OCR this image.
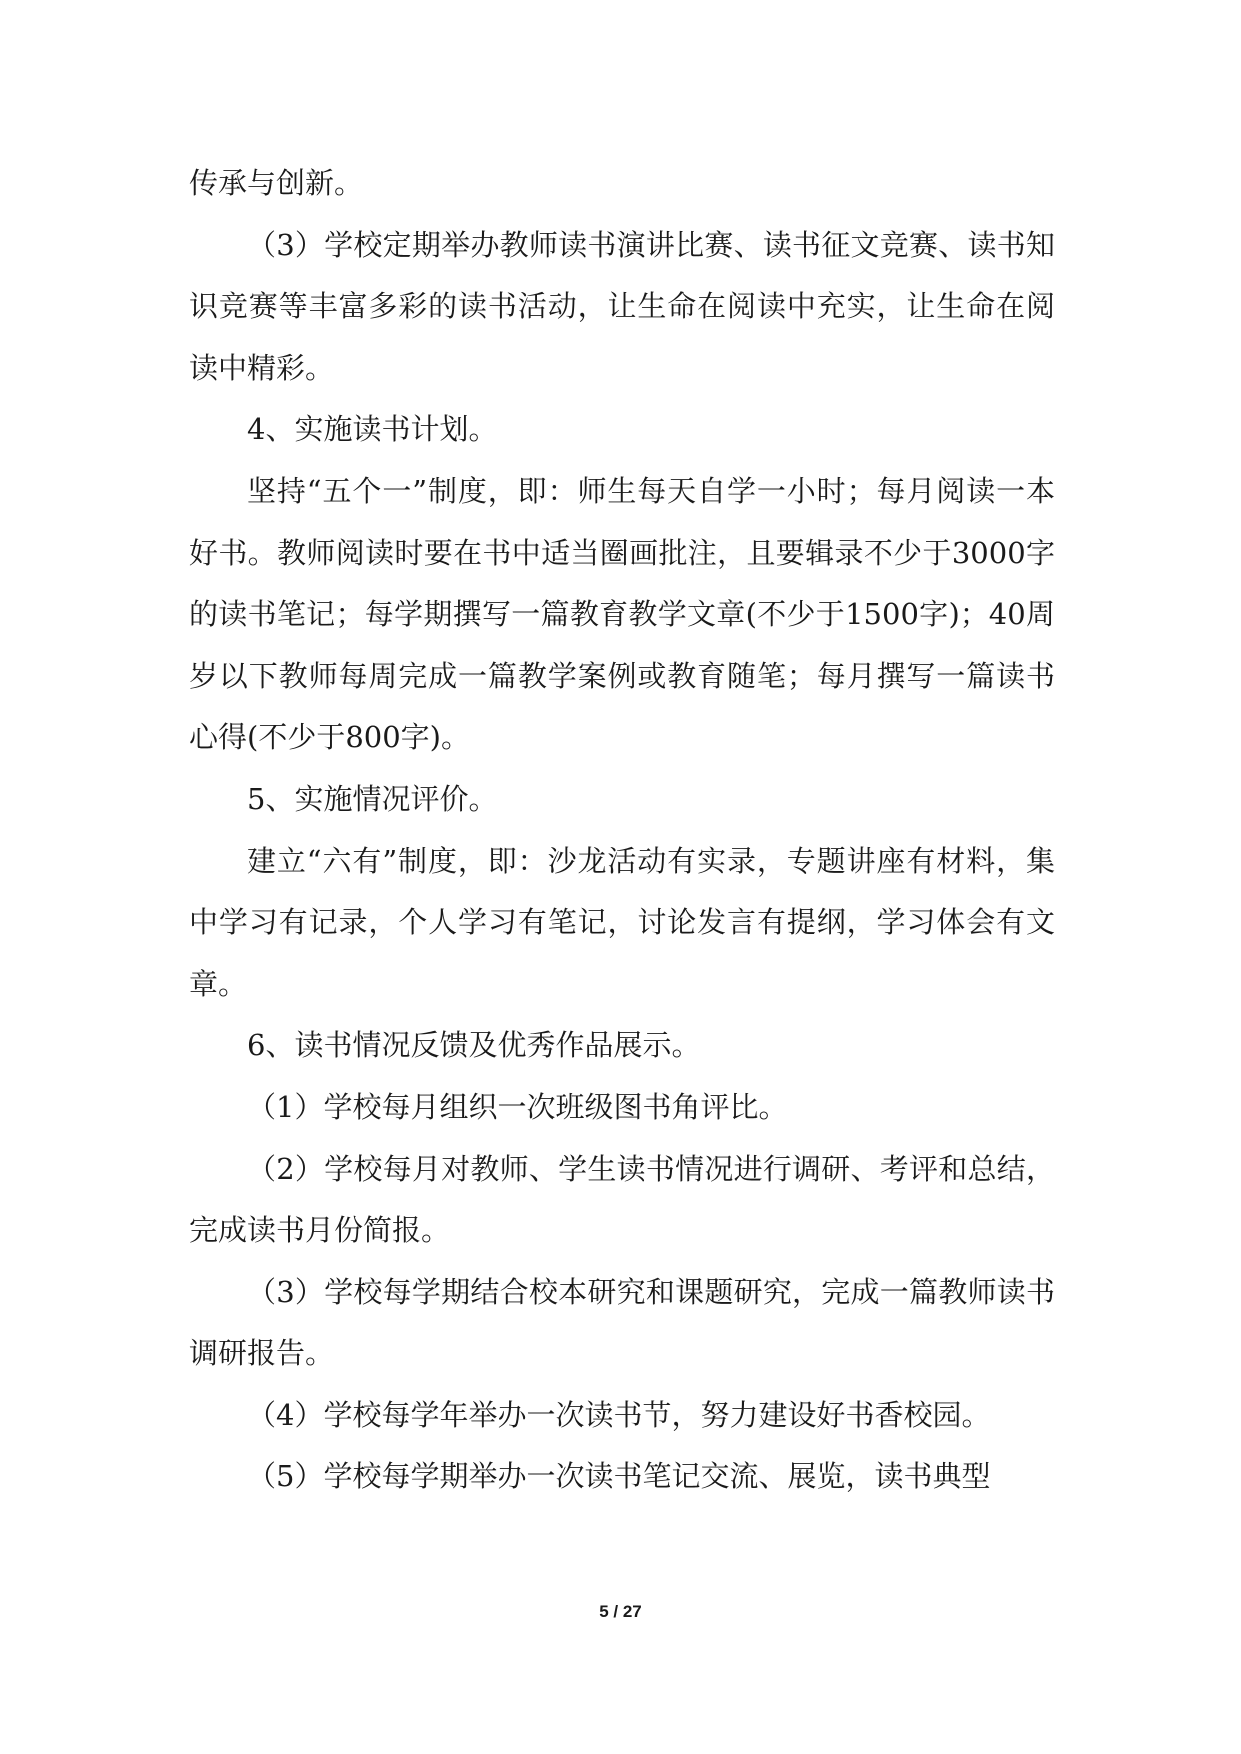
传承与创新。

（3）学校定期举办教师读书演讲比赛、读书征文竞赛、读书知识竞赛等丰富多彩的读书活动，让生命在阅读中充实，让生命在阅读中精彩。

4、实施读书计划。

坚持“五个一”制度，即：师生每天自学一小时；每月阅读一本好书。教师阅读时要在书中适当圈画批注，且要辑录不少于3000字的读书笔记；每学期撰写一篇教育教学文章(不少于1500字)；40周岁以下教师每周完成一篇教学案例或教育随笔；每月撰写一篇读书心得(不少于800字)。

5、实施情况评价。

建立“六有”制度，即：沙龙活动有实录，专题讲座有材料，集中学习有记录，个人学习有笔记，讨论发言有提纲，学习体会有文章。

6、读书情况反馈及优秀作品展示。

（1）学校每月组织一次班级图书角评比。

（2）学校每月对教师、学生读书情况进行调研、考评和总结，完成读书月份简报。

（3）学校每学期结合校本研究和课题研究，完成一篇教师读书调研报告。

（4）学校每学年举办一次读书节，努力建设好书香校园。

（5）学校每学期举办一次读书笔记交流、展览，读书典型

5 / 27
